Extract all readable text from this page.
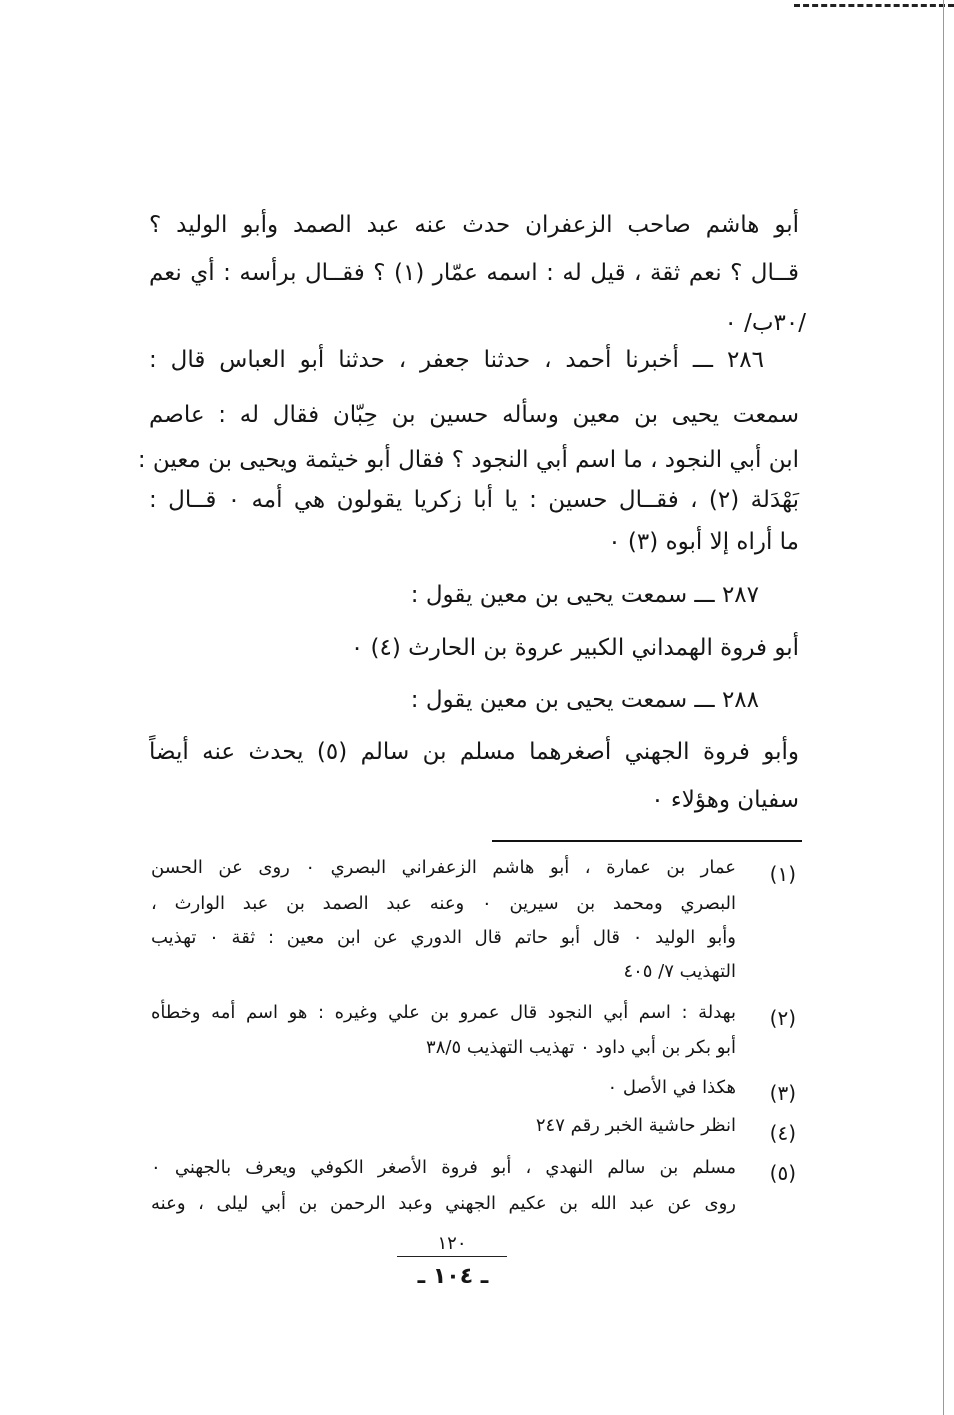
أبو هاشم صاحب الزعفران حدث عنه عبد الصمد وأبو الوليد ؟

قــال ؟ نعم ثقة ، قيل له : اسمه عمّار (١) ؟ فقــال برأسه : أي نعم

/٣٠ب/ ٠

٢٨٦ ـــ أخبرنا أحمد ، حدثنا جعفر ، حدثنا أبو العباس قال :

سمعت يحيى بن معين وسأله حسين بن حِبّان فقال له : عاصم

ابن أبي النجود ، ما اسم أبي النجود ؟ فقال أبو خيثمة ويحيى بن معين :

بَهْدَلة (٢) ، فقــال حسين : يا أبا زكريا يقولون هي أمه ٠ قــال :

ما أراه إلا أبوه (٣) ٠

٢٨٧ ـــ سمعت يحيى بن معين يقول :

أبو فروة الهمداني الكبير عروة بن الحارث (٤) ٠

٢٨٨ ـــ سمعت يحيى بن معين يقول :

وأبو فروة الجهني أصغرهما مسلم بن سالم (٥) يحدث عنه أيضاً

سفيان وهؤلاء ٠

(١)

عمار بن عمارة ، أبو هاشم الزعفراني البصري ٠ روى عن الحسن

البصري ومحمد بن سيرين ٠ وعنه عبد الصمد بن عبد الوارث ،

وأبو الوليد ٠ قال أبو حاتم قال الدوري عن ابن معين : ثقة ٠ تهذيب

التهذيب ٧/ ٤٠٥

(٢)

بهدلة : اسم أبي النجود قال عمرو بن علي وغيره : هو اسم أمه وخطأه

أبو بكر بن أبي داود ٠ تهذيب التهذيب ٣٨/٥

(٣)

هكذا في الأصل ٠

(٤)

انظر حاشية الخبر رقم ٢٤٧

(٥)

مسلم بن سالم النهدي ، أبو فروة الأصغر الكوفي ويعرف بالجهني ٠

روى عن عبد الله بن عكيم الجهني وعبد الرحمن بن أبي ليلى ، وعنه

١٢٠
ـ ١٠٤ ـ
